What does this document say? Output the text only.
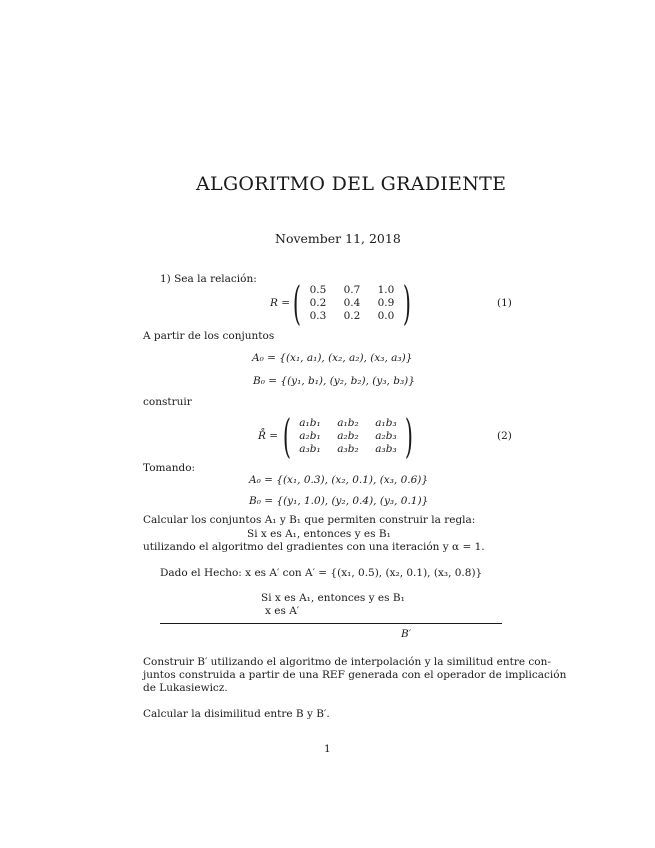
ALGORITMO DEL GRADIENTE
November 11, 2018
1) Sea la relación:
R = ( 0.5	0.7	1.0
0.2	0.4	0.9
0.3	0.2	0.0 )	(1)
A partir de los conjuntos
A₀ = {(x₁, a₁), (x₂, a₂), (x₃, a₃)}
B₀ = {(y₁, b₁), (y₂, b₂), (y₃, b₃)}
construir
R̊ = ( a₁b₁	a₁b₂	a₁b₃
a₂b₁	a₂b₂	a₂b₃
a₃b₁	a₃b₂	a₃b₃ )	(2)
Tomando:
A₀ = {(x₁, 0.3), (x₂, 0.1), (x₃, 0.6)}
B₀ = {(y₁, 1.0), (y₂, 0.4), (y₃, 0.1)}
Calcular los conjuntos A₁ y B₁ que permiten construir la regla:
Si x es A₁, entonces y es B₁
utilizando el algoritmo del gradientes con una iteración y α = 1.
Dado el Hecho: x es A′ con A′ = {(x₁, 0.5), (x₂, 0.1), (x₃, 0.8)}
Si x es A₁, entonces y es B₁
x es A′
B′
Construir B′ utilizando el algoritmo de interpolación y la similitud entre con-
juntos construida a partir de una REF generada con el operador de implicación
de Lukasiewicz.
Calcular la disimilitud entre B y B′.
1
